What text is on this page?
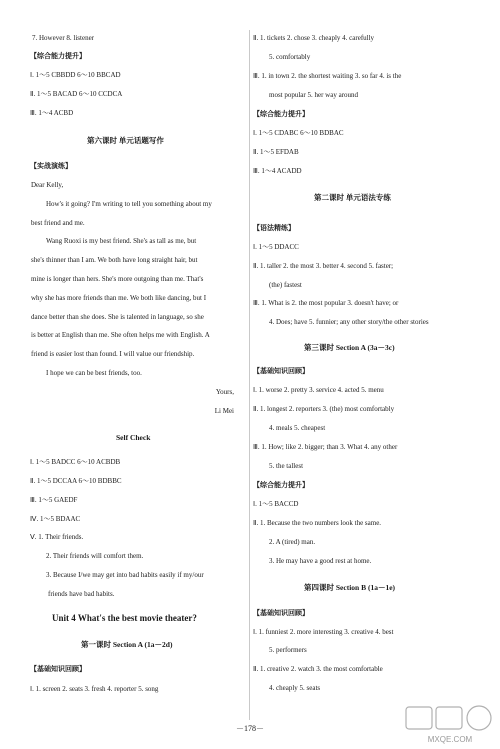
7. However 8. listener
【综合能力提升】
Ⅰ. 1～5 CBBDD 6～10 BBCAD
Ⅱ. 1～5 BACAD 6～10 CCDCA
Ⅲ. 1～4 ACBD
第六课时 单元话题写作
【实战演练】
Dear Kelly,
How's it going? I'm writing to tell you something about my
best friend and me.
Wang Ruoxi is my best friend. She's as tall as me, but
she's thinner than I am. We both have long straight hair, but
mine is longer than hers. She's more outgoing than me. That's
why she has more friends than me. We both like dancing, but I
dance better than she does. She is talented in language, so she
is better at English than me. She often helps me with English. A
friend is easier lost than found. I will value our friendship.
I hope we can be best friends, too.
Yours,
Li Mei
Self Check
Ⅰ. 1～5 BADCC 6～10 ACBDB
Ⅱ. 1～5 DCCAA 6～10 BDBBC
Ⅲ. 1～5 GAEDF
Ⅳ. 1～5 BDAAC
Ⅴ. 1. Their friends.
2. Their friends will comfort them.
3. Because I/we may get into bad habits easily if my/our
friends have bad habits.
Unit 4 What's the best movie theater?
第一课时 Section A (1a－2d)
【基础知识回顾】
Ⅰ. 1. screen 2. seats 3. fresh 4. reporter 5. song
Ⅱ. 1. tickets 2. chose 3. cheaply 4. carefully
5. comfortably
Ⅲ. 1. in town 2. the shortest waiting 3. so far 4. is the
most popular 5. her way around
【综合能力提升】
Ⅰ. 1～5 CDABC 6～10 BDBAC
Ⅱ. 1～5 EFDAB
Ⅲ. 1～4 ACADD
第二课时 单元语法专练
【语法精练】
Ⅰ. 1～5 DDACC
Ⅱ. 1. taller 2. the most 3. better 4. second 5. faster;
(the) fastest
Ⅲ. 1. What is 2. the most popular 3. doesn't have; or
4. Does; have 5. funnier; any other story/the other stories
第三课时 Section A (3a－3c)
【基础知识回顾】
Ⅰ. 1. worse 2. pretty 3. service 4. acted 5. menu
Ⅱ. 1. longest 2. reporters 3. (the) most comfortably
4. meals 5. cheapest
Ⅲ. 1. How; like 2. bigger; than 3. What 4. any other
5. the tallest
【综合能力提升】
Ⅰ. 1～5 BACCD
Ⅱ. 1. Because the two numbers look the same.
2. A (tired) man.
3. He may have a good rest at home.
第四课时 Section B (1a－1e)
【基础知识回顾】
Ⅰ. 1. funniest 2. more interesting 3. creative 4. best
5. performers
Ⅱ. 1. creative 2. watch 3. the most comfortable
4. cheaply 5. seats
－178－
MXQE.COM
